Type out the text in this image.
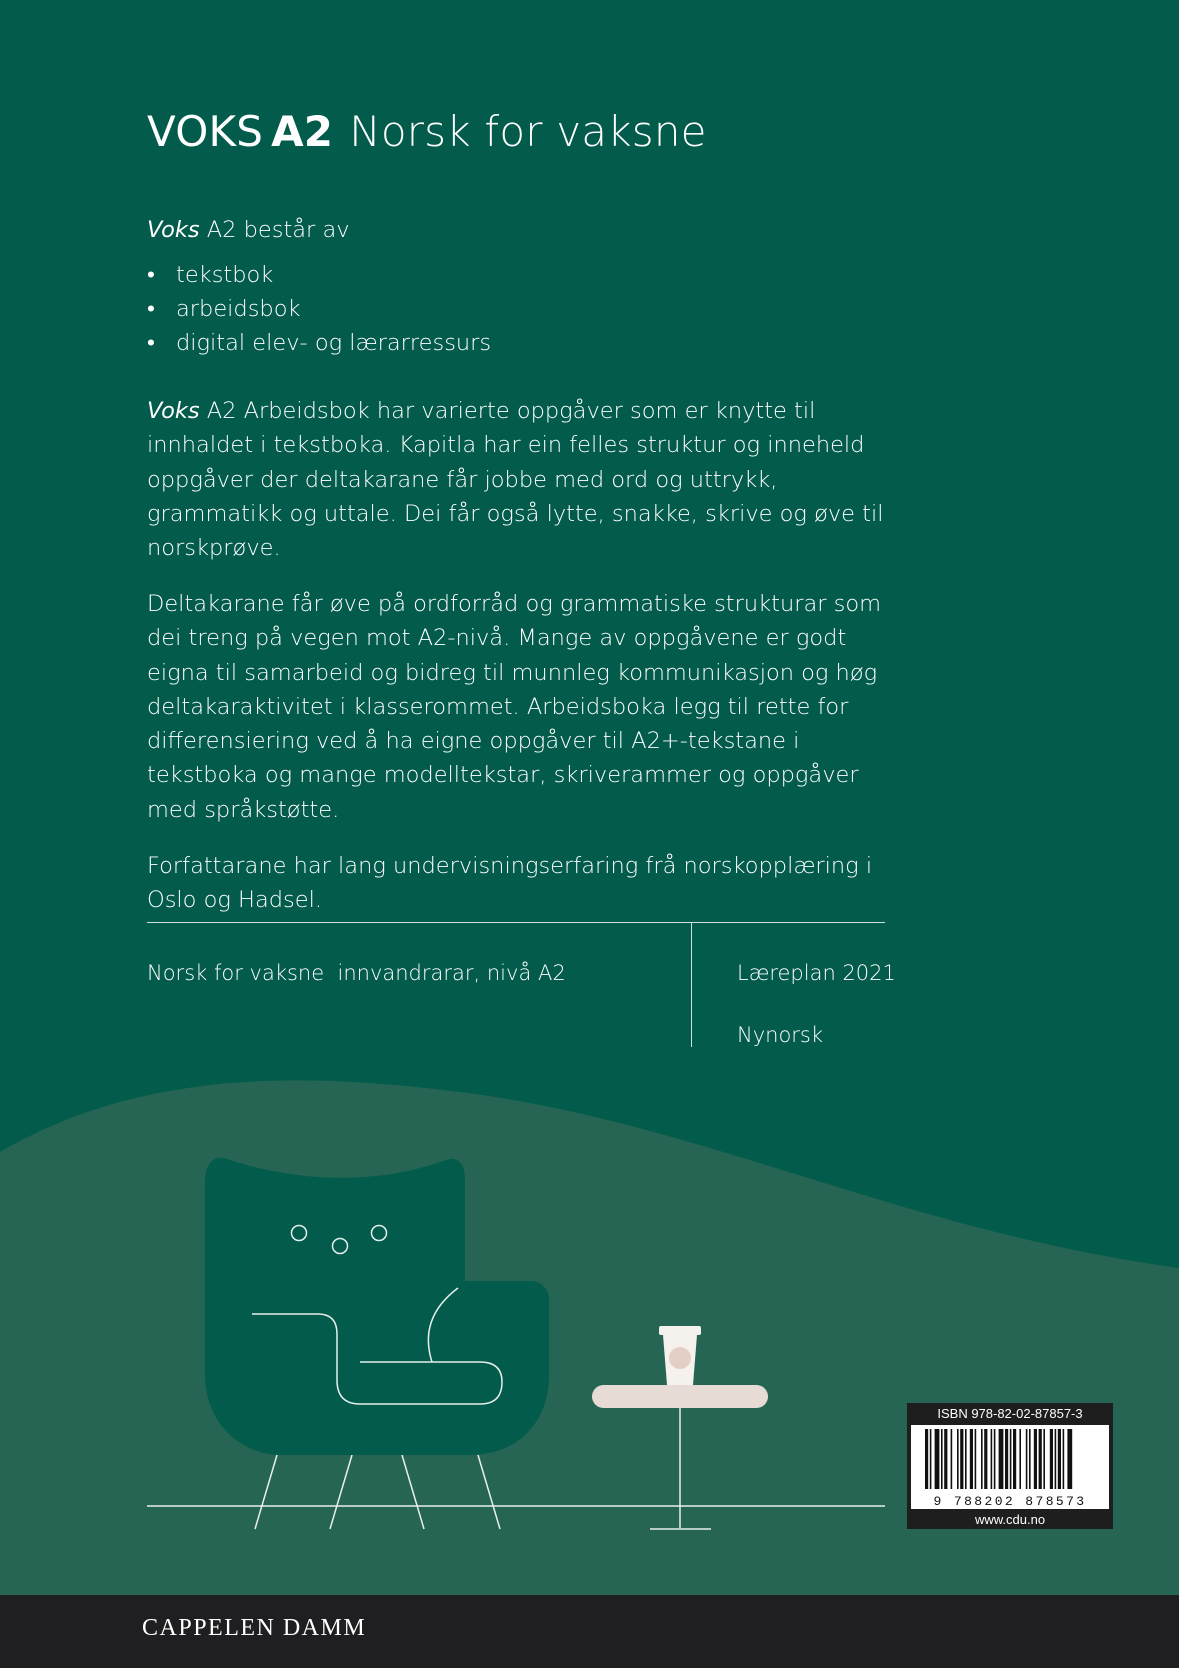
VOKS A2 Norsk for vaksne
Voks A2 består av
• tekstbok
• arbeidsbok
• digital elev- og lærarressurs
Voks A2 Arbeidsbok har varierte oppgåver som er knytte til innhaldet i tekstboka. Kapitla har ein felles struktur og inneheld oppgåver der deltakarane får jobbe med ord og uttrykk, grammatikk og uttale. Dei får også lytte, snakke, skrive og øve til norskprøve.
Deltakarane får øve på ordforråd og grammatiske strukturar som dei treng på vegen mot A2-nivå. Mange av oppgåvene er godt eigna til samarbeid og bidreg til munnleg kommunikasjon og høg deltakaraktivitet i klasserommet. Arbeidsboka legg til rette for differensiering ved å ha eigne oppgåver til A2+-tekstane i tekstboka og mange modelltekstar, skriverammer og oppgåver med språkstøtte.
Forfattarane har lang undervisningserfaring frå norskopplæring i Oslo og Hadsel.
Norsk for vaksne  innvandrarar, nivå A2	Læreplan 2021
Nynorsk
ISBN 978-82-02-87857-3
9 788202 878573
www.cdu.no
CAPPELEN DAMM
